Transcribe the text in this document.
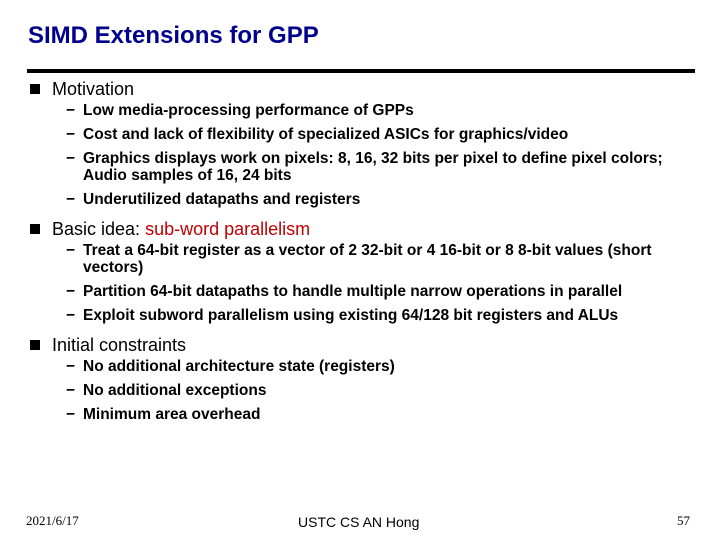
SIMD Extensions for GPP
Motivation
− Low media-processing performance of GPPs
− Cost and lack of flexibility of specialized ASICs for graphics/video
− Graphics displays work on pixels: 8, 16, 32 bits per pixel to define pixel colors; Audio samples of 16, 24 bits
− Underutilized datapaths and registers
Basic idea: sub-word parallelism
− Treat a 64-bit register as a vector of 2 32-bit or 4 16-bit or 8 8-bit values (short vectors)
− Partition 64-bit datapaths to handle multiple narrow operations in parallel
− Exploit subword parallelism using existing 64/128 bit registers and ALUs
Initial constraints
− No additional architecture state (registers)
− No additional exceptions
− Minimum area overhead
2021/6/17	USTC CS AN Hong	57
